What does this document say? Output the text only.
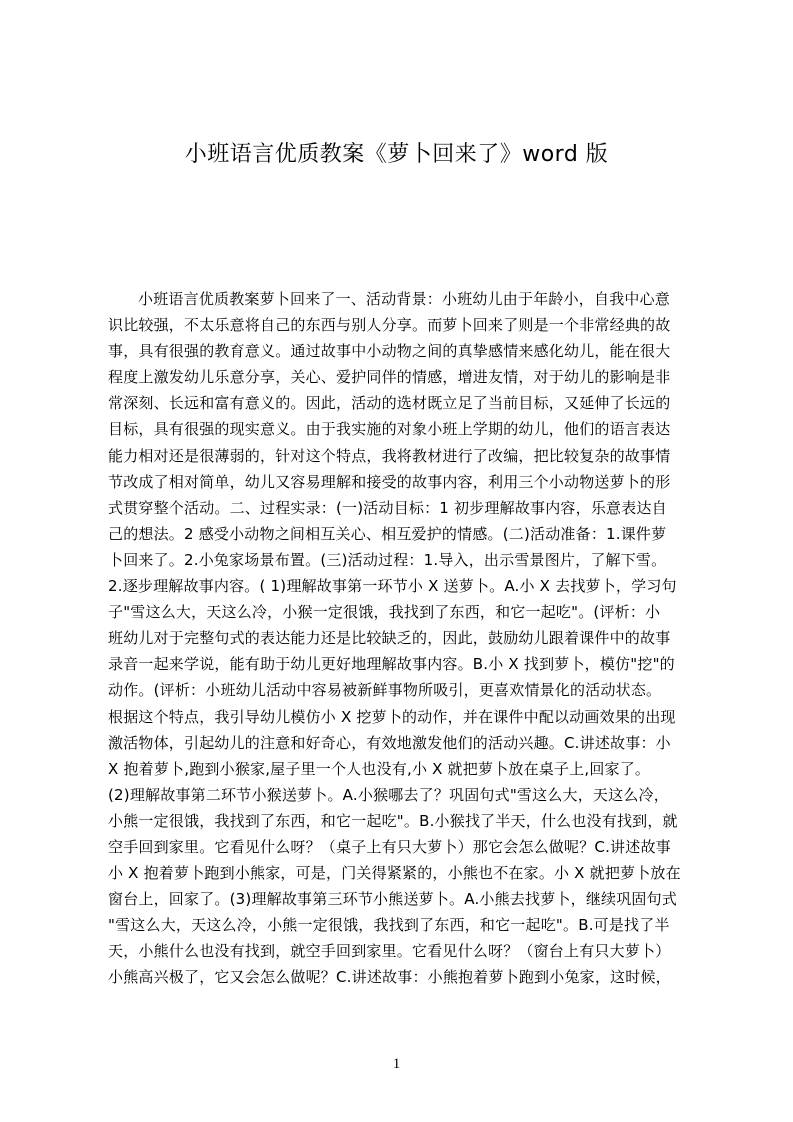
小班语言优质教案《萝卜回来了》word 版
小班语言优质教案萝卜回来了一、活动背景：小班幼儿由于年龄小，自我中心意
识比较强，不太乐意将自己的东西与别人分享。而萝卜回来了则是一个非常经典的故
事，具有很强的教育意义。通过故事中小动物之间的真挚感情来感化幼儿，能在很大
程度上激发幼儿乐意分享，关心、爱护同伴的情感，增进友情，对于幼儿的影响是非
常深刻、长远和富有意义的。因此，活动的选材既立足了当前目标，又延伸了长远的
目标，具有很强的现实意义。由于我实施的对象小班上学期的幼儿，他们的语言表达
能力相对还是很薄弱的，针对这个特点，我将教材进行了改编，把比较复杂的故事情
节改成了相对简单，幼儿又容易理解和接受的故事内容，利用三个小动物送萝卜的形
式贯穿整个活动。二、过程实录：(一)活动目标：1 初步理解故事内容，乐意表达自
己的想法。2 感受小动物之间相互关心、相互爱护的情感。(二)活动准备：1.课件萝
卜回来了。2.小兔家场景布置。(三)活动过程：1.导入，出示雪景图片，了解下雪。
2.逐步理解故事内容。( 1)理解故事第一环节小 X 送萝卜。A.小 X 去找萝卜，学习句
子"雪这么大，天这么冷，小猴一定很饿，我找到了东西，和它一起吃"。(评析：小
班幼儿对于完整句式的表达能力还是比较缺乏的，因此，鼓励幼儿跟着课件中的故事
录音一起来学说，能有助于幼儿更好地理解故事内容。B.小 X 找到萝卜，模仿"挖"的
动作。(评析：小班幼儿活动中容易被新鲜事物所吸引，更喜欢情景化的活动状态。
根据这个特点，我引导幼儿模仿小 X 挖萝卜的动作，并在课件中配以动画效果的出现
激活物体，引起幼儿的注意和好奇心，有效地激发他们的活动兴趣。C.讲述故事：小
X 抱着萝卜,跑到小猴家,屋子里一个人也没有,小 X 就把萝卜放在桌子上,回家了。
(2)理解故事第二环节小猴送萝卜。A.小猴哪去了？巩固句式"雪这么大，天这么冷，
小熊一定很饿，我找到了东西，和它一起吃"。B.小猴找了半天，什么也没有找到，就
空手回到家里。它看见什么呀？（桌子上有只大萝卜）那它会怎么做呢？C.讲述故事
小 X 抱着萝卜跑到小熊家，可是，门关得紧紧的，小熊也不在家。小 X 就把萝卜放在
窗台上，回家了。(3)理解故事第三环节小熊送萝卜。A.小熊去找萝卜，继续巩固句式
"雪这么大，天这么冷，小熊一定很饿，我找到了东西，和它一起吃"。B.可是找了半
天，小熊什么也没有找到，就空手回到家里。它看见什么呀？（窗台上有只大萝卜）
小熊高兴极了，它又会怎么做呢？C.讲述故事：小熊抱着萝卜跑到小兔家，这时候，
1
